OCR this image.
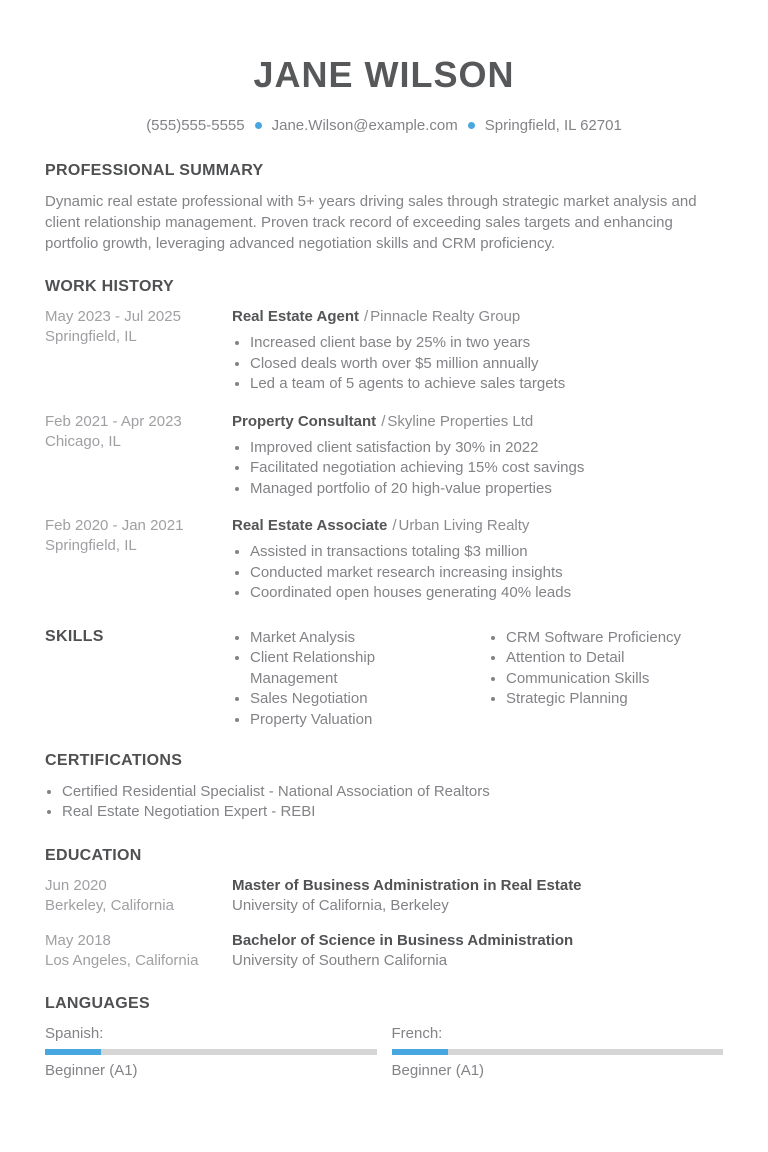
JANE WILSON
(555)555-5555 Jane.Wilson@example.com Springfield, IL 62701
PROFESSIONAL SUMMARY

Dynamic real estate professional with 5+ years driving sales through strategic market analysis and client relationship management. Proven track record of exceeding sales targets and enhancing portfolio growth, leveraging advanced negotiation skills and CRM proficiency.

WORK HISTORY
May 2023 - Jul 2025
Springfield, IL
Real Estate Agent / Pinnacle Realty Group
• Increased client base by 25% in two years
• Closed deals worth over $5 million annually
• Led a team of 5 agents to achieve sales targets
Feb 2021 - Apr 2023
Chicago, IL
Property Consultant / Skyline Properties Ltd
• Improved client satisfaction by 30% in 2022
• Facilitated negotiation achieving 15% cost savings
• Managed portfolio of 20 high-value properties
Feb 2020 - Jan 2021
Springfield, IL
Real Estate Associate / Urban Living Realty
• Assisted in transactions totaling $3 million
• Conducted market research increasing insights
• Coordinated open houses generating 40% leads
SKILLS	• Market Analysis
• Client Relationship Management
• Sales Negotiation
• Property Valuation
• CRM Software Proficiency
• Attention to Detail
• Communication Skills
• Strategic Planning
CERTIFICATIONS
• Certified Residential Specialist - National Association of Realtors
• Real Estate Negotiation Expert - REBI
EDUCATION
Jun 2020
Berkeley, California
Master of Business Administration in Real Estate
University of California, Berkeley
May 2018
Los Angeles, California
Bachelor of Science in Business Administration
University of Southern California
LANGUAGES
Spanish:
Beginner (A1)
French:
Beginner (A1)
